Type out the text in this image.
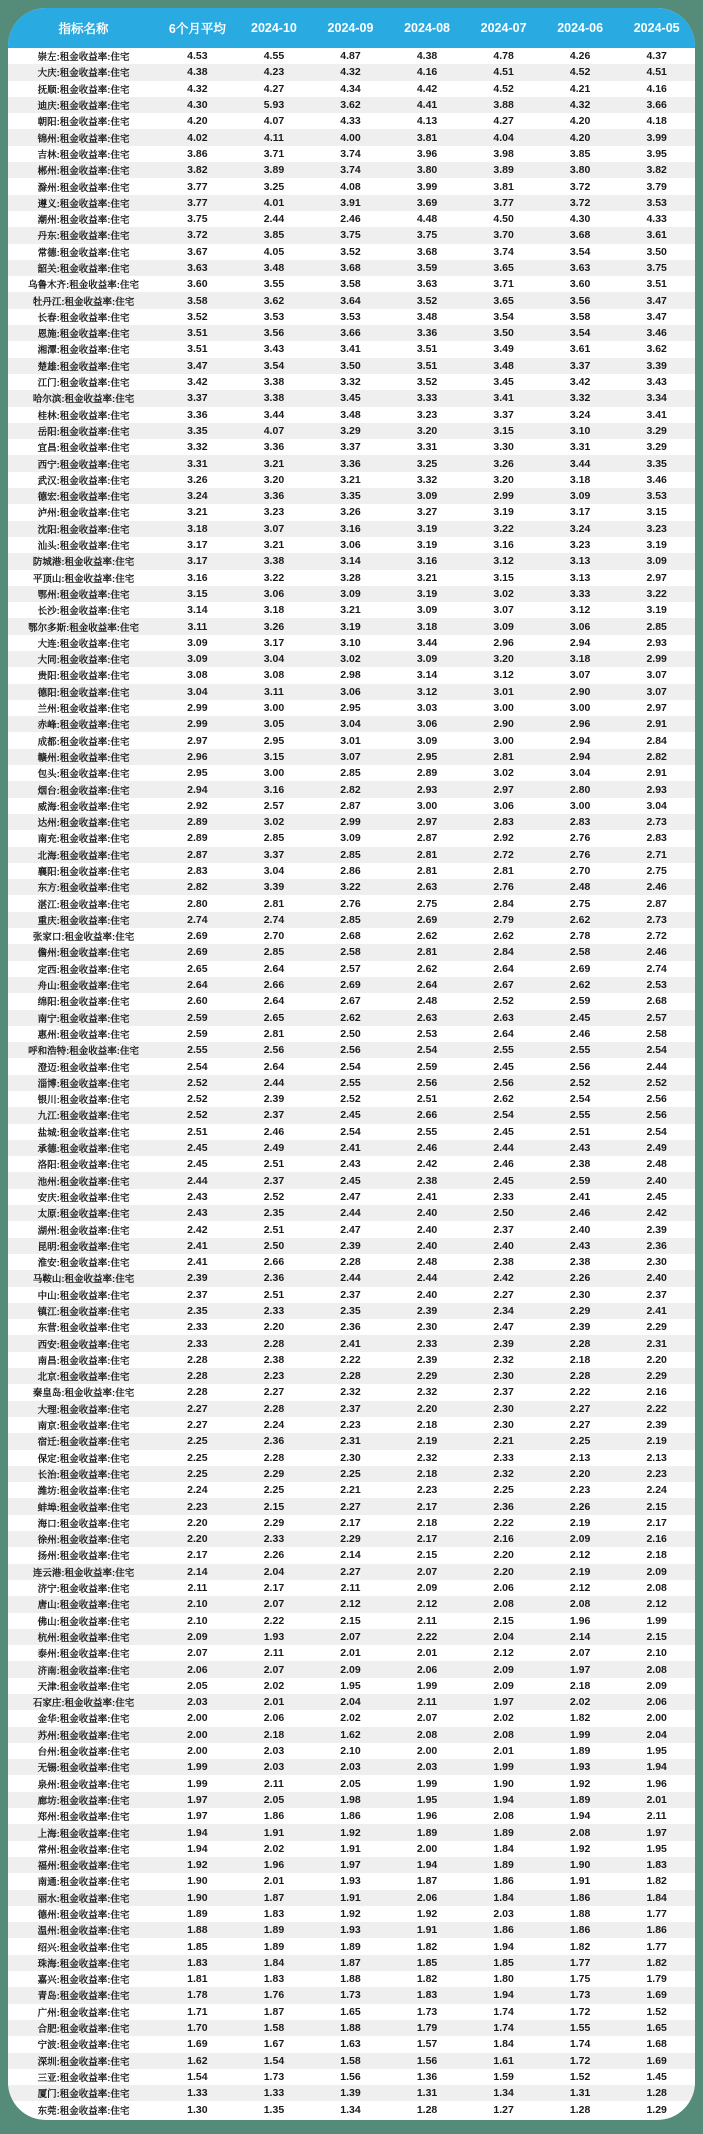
指标名称	6个月平均	2024-10	2024-09	2024-08	2024-07	2024-06	2024-05
崇左:租金收益率:住宅	4.53	4.55	4.87	4.38	4.78	4.26	4.37
大庆:租金收益率:住宅	4.38	4.23	4.32	4.16	4.51	4.52	4.51
抚顺:租金收益率:住宅	4.32	4.27	4.34	4.42	4.52	4.21	4.16
迪庆:租金收益率:住宅	4.30	5.93	3.62	4.41	3.88	4.32	3.66
朝阳:租金收益率:住宅	4.20	4.07	4.33	4.13	4.27	4.20	4.18
锦州:租金收益率:住宅	4.02	4.11	4.00	3.81	4.04	4.20	3.99
吉林:租金收益率:住宅	3.86	3.71	3.74	3.96	3.98	3.85	3.95
郴州:租金收益率:住宅	3.82	3.89	3.74	3.80	3.89	3.80	3.82
滁州:租金收益率:住宅	3.77	3.25	4.08	3.99	3.81	3.72	3.79
遵义:租金收益率:住宅	3.77	4.01	3.91	3.69	3.77	3.72	3.53
潮州:租金收益率:住宅	3.75	2.44	2.46	4.48	4.50	4.30	4.33
丹东:租金收益率:住宅	3.72	3.85	3.75	3.75	3.70	3.68	3.61
常德:租金收益率:住宅	3.67	4.05	3.52	3.68	3.74	3.54	3.50
韶关:租金收益率:住宅	3.63	3.48	3.68	3.59	3.65	3.63	3.75
乌鲁木齐:租金收益率:住宅	3.60	3.55	3.58	3.63	3.71	3.60	3.51
牡丹江:租金收益率:住宅	3.58	3.62	3.64	3.52	3.65	3.56	3.47
长春:租金收益率:住宅	3.52	3.53	3.53	3.48	3.54	3.58	3.47
恩施:租金收益率:住宅	3.51	3.56	3.66	3.36	3.50	3.54	3.46
湘潭:租金收益率:住宅	3.51	3.43	3.41	3.51	3.49	3.61	3.62
楚雄:租金收益率:住宅	3.47	3.54	3.50	3.51	3.48	3.37	3.39
江门:租金收益率:住宅	3.42	3.38	3.32	3.52	3.45	3.42	3.43
哈尔滨:租金收益率:住宅	3.37	3.38	3.45	3.33	3.41	3.32	3.34
桂林:租金收益率:住宅	3.36	3.44	3.48	3.23	3.37	3.24	3.41
岳阳:租金收益率:住宅	3.35	4.07	3.29	3.20	3.15	3.10	3.29
宜昌:租金收益率:住宅	3.32	3.36	3.37	3.31	3.30	3.31	3.29
西宁:租金收益率:住宅	3.31	3.21	3.36	3.25	3.26	3.44	3.35
武汉:租金收益率:住宅	3.26	3.20	3.21	3.32	3.20	3.18	3.46
德宏:租金收益率:住宅	3.24	3.36	3.35	3.09	2.99	3.09	3.53
泸州:租金收益率:住宅	3.21	3.23	3.26	3.27	3.19	3.17	3.15
沈阳:租金收益率:住宅	3.18	3.07	3.16	3.19	3.22	3.24	3.23
汕头:租金收益率:住宅	3.17	3.21	3.06	3.19	3.16	3.23	3.19
防城港:租金收益率:住宅	3.17	3.38	3.14	3.16	3.12	3.13	3.09
平顶山:租金收益率:住宅	3.16	3.22	3.28	3.21	3.15	3.13	2.97
鄂州:租金收益率:住宅	3.15	3.06	3.09	3.19	3.02	3.33	3.22
长沙:租金收益率:住宅	3.14	3.18	3.21	3.09	3.07	3.12	3.19
鄂尔多斯:租金收益率:住宅	3.11	3.26	3.19	3.18	3.09	3.06	2.85
大连:租金收益率:住宅	3.09	3.17	3.10	3.44	2.96	2.94	2.93
大同:租金收益率:住宅	3.09	3.04	3.02	3.09	3.20	3.18	2.99
贵阳:租金收益率:住宅	3.08	3.08	2.98	3.14	3.12	3.07	3.07
德阳:租金收益率:住宅	3.04	3.11	3.06	3.12	3.01	2.90	3.07
兰州:租金收益率:住宅	2.99	3.00	2.95	3.03	3.00	3.00	2.97
赤峰:租金收益率:住宅	2.99	3.05	3.04	3.06	2.90	2.96	2.91
成都:租金收益率:住宅	2.97	2.95	3.01	3.09	3.00	2.94	2.84
赣州:租金收益率:住宅	2.96	3.15	3.07	2.95	2.81	2.94	2.82
包头:租金收益率:住宅	2.95	3.00	2.85	2.89	3.02	3.04	2.91
烟台:租金收益率:住宅	2.94	3.16	2.82	2.93	2.97	2.80	2.93
威海:租金收益率:住宅	2.92	2.57	2.87	3.00	3.06	3.00	3.04
达州:租金收益率:住宅	2.89	3.02	2.99	2.97	2.83	2.83	2.73
南充:租金收益率:住宅	2.89	2.85	3.09	2.87	2.92	2.76	2.83
北海:租金收益率:住宅	2.87	3.37	2.85	2.81	2.72	2.76	2.71
襄阳:租金收益率:住宅	2.83	3.04	2.86	2.81	2.81	2.70	2.75
东方:租金收益率:住宅	2.82	3.39	3.22	2.63	2.76	2.48	2.46
湛江:租金收益率:住宅	2.80	2.81	2.76	2.75	2.84	2.75	2.87
重庆:租金收益率:住宅	2.74	2.74	2.85	2.69	2.79	2.62	2.73
张家口:租金收益率:住宅	2.69	2.70	2.68	2.62	2.62	2.78	2.72
儋州:租金收益率:住宅	2.69	2.85	2.58	2.81	2.84	2.58	2.46
定西:租金收益率:住宅	2.65	2.64	2.57	2.62	2.64	2.69	2.74
舟山:租金收益率:住宅	2.64	2.66	2.69	2.64	2.67	2.62	2.53
绵阳:租金收益率:住宅	2.60	2.64	2.67	2.48	2.52	2.59	2.68
南宁:租金收益率:住宅	2.59	2.65	2.62	2.63	2.63	2.45	2.57
惠州:租金收益率:住宅	2.59	2.81	2.50	2.53	2.64	2.46	2.58
呼和浩特:租金收益率:住宅	2.55	2.56	2.56	2.54	2.55	2.55	2.54
澄迈:租金收益率:住宅	2.54	2.64	2.54	2.59	2.45	2.56	2.44
淄博:租金收益率:住宅	2.52	2.44	2.55	2.56	2.56	2.52	2.52
银川:租金收益率:住宅	2.52	2.39	2.52	2.51	2.62	2.54	2.56
九江:租金收益率:住宅	2.52	2.37	2.45	2.66	2.54	2.55	2.56
盐城:租金收益率:住宅	2.51	2.46	2.54	2.55	2.45	2.51	2.54
承德:租金收益率:住宅	2.45	2.49	2.41	2.46	2.44	2.43	2.49
洛阳:租金收益率:住宅	2.45	2.51	2.43	2.42	2.46	2.38	2.48
池州:租金收益率:住宅	2.44	2.37	2.45	2.38	2.45	2.59	2.40
安庆:租金收益率:住宅	2.43	2.52	2.47	2.41	2.33	2.41	2.45
太原:租金收益率:住宅	2.43	2.35	2.44	2.40	2.50	2.46	2.42
湖州:租金收益率:住宅	2.42	2.51	2.47	2.40	2.37	2.40	2.39
昆明:租金收益率:住宅	2.41	2.50	2.39	2.40	2.40	2.43	2.36
淮安:租金收益率:住宅	2.41	2.66	2.28	2.48	2.38	2.38	2.30
马鞍山:租金收益率:住宅	2.39	2.36	2.44	2.44	2.42	2.26	2.40
中山:租金收益率:住宅	2.37	2.51	2.37	2.40	2.27	2.30	2.37
镇江:租金收益率:住宅	2.35	2.33	2.35	2.39	2.34	2.29	2.41
东营:租金收益率:住宅	2.33	2.20	2.36	2.30	2.47	2.39	2.29
西安:租金收益率:住宅	2.33	2.28	2.41	2.33	2.39	2.28	2.31
南昌:租金收益率:住宅	2.28	2.38	2.22	2.39	2.32	2.18	2.20
北京:租金收益率:住宅	2.28	2.23	2.28	2.29	2.30	2.28	2.29
秦皇岛:租金收益率:住宅	2.28	2.27	2.32	2.32	2.37	2.22	2.16
大理:租金收益率:住宅	2.27	2.28	2.37	2.20	2.30	2.27	2.22
南京:租金收益率:住宅	2.27	2.24	2.23	2.18	2.30	2.27	2.39
宿迁:租金收益率:住宅	2.25	2.36	2.31	2.19	2.21	2.25	2.19
保定:租金收益率:住宅	2.25	2.28	2.30	2.32	2.33	2.13	2.13
长治:租金收益率:住宅	2.25	2.29	2.25	2.18	2.32	2.20	2.23
潍坊:租金收益率:住宅	2.24	2.25	2.21	2.23	2.25	2.23	2.24
蚌埠:租金收益率:住宅	2.23	2.15	2.27	2.17	2.36	2.26	2.15
海口:租金收益率:住宅	2.20	2.29	2.17	2.18	2.22	2.19	2.17
徐州:租金收益率:住宅	2.20	2.33	2.29	2.17	2.16	2.09	2.16
扬州:租金收益率:住宅	2.17	2.26	2.14	2.15	2.20	2.12	2.18
连云港:租金收益率:住宅	2.14	2.04	2.27	2.07	2.20	2.19	2.09
济宁:租金收益率:住宅	2.11	2.17	2.11	2.09	2.06	2.12	2.08
唐山:租金收益率:住宅	2.10	2.07	2.12	2.12	2.08	2.08	2.12
佛山:租金收益率:住宅	2.10	2.22	2.15	2.11	2.15	1.96	1.99
杭州:租金收益率:住宅	2.09	1.93	2.07	2.22	2.04	2.14	2.15
泰州:租金收益率:住宅	2.07	2.11	2.01	2.01	2.12	2.07	2.10
济南:租金收益率:住宅	2.06	2.07	2.09	2.06	2.09	1.97	2.08
天津:租金收益率:住宅	2.05	2.02	1.95	1.99	2.09	2.18	2.09
石家庄:租金收益率:住宅	2.03	2.01	2.04	2.11	1.97	2.02	2.06
金华:租金收益率:住宅	2.00	2.06	2.02	2.07	2.02	1.82	2.00
苏州:租金收益率:住宅	2.00	2.18	1.62	2.08	2.08	1.99	2.04
台州:租金收益率:住宅	2.00	2.03	2.10	2.00	2.01	1.89	1.95
无锡:租金收益率:住宅	1.99	2.03	2.03	2.03	1.99	1.93	1.94
泉州:租金收益率:住宅	1.99	2.11	2.05	1.99	1.90	1.92	1.96
廊坊:租金收益率:住宅	1.97	2.05	1.98	1.95	1.94	1.89	2.01
郑州:租金收益率:住宅	1.97	1.86	1.86	1.96	2.08	1.94	2.11
上海:租金收益率:住宅	1.94	1.91	1.92	1.89	1.89	2.08	1.97
常州:租金收益率:住宅	1.94	2.02	1.91	2.00	1.84	1.92	1.95
福州:租金收益率:住宅	1.92	1.96	1.97	1.94	1.89	1.90	1.83
南通:租金收益率:住宅	1.90	2.01	1.93	1.87	1.86	1.91	1.82
丽水:租金收益率:住宅	1.90	1.87	1.91	2.06	1.84	1.86	1.84
德州:租金收益率:住宅	1.89	1.83	1.92	1.92	2.03	1.88	1.77
温州:租金收益率:住宅	1.88	1.89	1.93	1.91	1.86	1.86	1.86
绍兴:租金收益率:住宅	1.85	1.89	1.89	1.82	1.94	1.82	1.77
珠海:租金收益率:住宅	1.83	1.84	1.87	1.85	1.85	1.77	1.82
嘉兴:租金收益率:住宅	1.81	1.83	1.88	1.82	1.80	1.75	1.79
青岛:租金收益率:住宅	1.78	1.76	1.73	1.83	1.94	1.73	1.69
广州:租金收益率:住宅	1.71	1.87	1.65	1.73	1.74	1.72	1.52
合肥:租金收益率:住宅	1.70	1.58	1.88	1.79	1.74	1.55	1.65
宁波:租金收益率:住宅	1.69	1.67	1.63	1.57	1.84	1.74	1.68
深圳:租金收益率:住宅	1.62	1.54	1.58	1.56	1.61	1.72	1.69
三亚:租金收益率:住宅	1.54	1.73	1.56	1.36	1.59	1.52	1.45
厦门:租金收益率:住宅	1.33	1.33	1.39	1.31	1.34	1.31	1.28
东莞:租金收益率:住宅	1.30	1.35	1.34	1.28	1.27	1.28	1.29
